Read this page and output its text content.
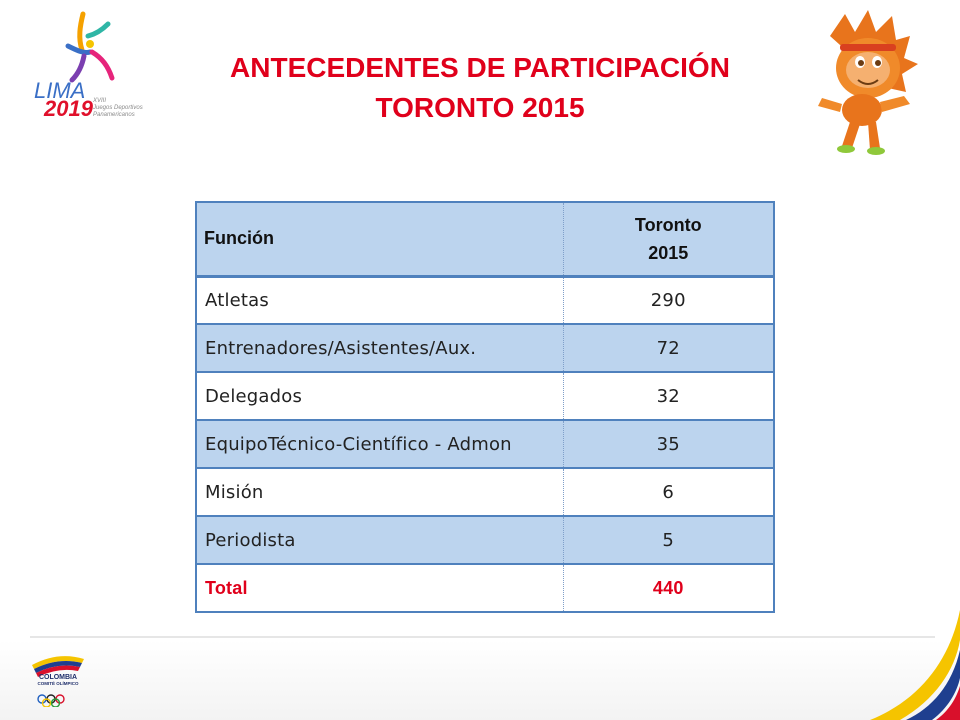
LIMA
2019 XVIII
Juegos Deportivos
Panamericanos
ANTECEDENTES DE PARTICIPACIÓN
TORONTO 2015
Función	Toronto
2015

Atletas	290
Entrenadores/Asistentes/Aux.	72
Delegados	32
EquipoTécnico-Científico - Admon	35
Misión	6
Periodista	5
Total	440
COLOMBIA
COMITÉ OLÍMPICO
